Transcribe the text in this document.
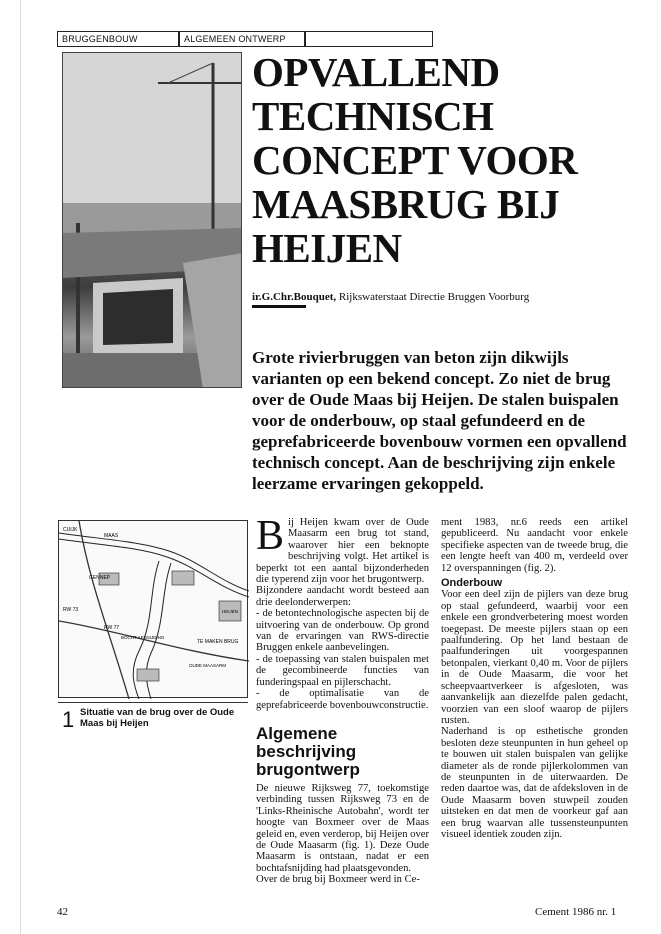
BRUGGENBOUW	ALGEMEEN ONTWERP
OPVALLEND
TECHNISCH
CONCEPT VOOR
MAASBRUG BIJ
HEIJEN
ir.G.Chr.Bouquet, Rijkswaterstaat Directie Bruggen Voorburg
Grote rivierbruggen van beton zijn dikwijls varianten op een bekend concept. Zo niet de brug over de Oude Maas bij Heijen. De stalen buispalen voor de onderbouw, op staal gefundeerd en de geprefabriceerde bovenbouw vormen een opvallend technisch concept. Aan de beschrijving zijn enkele leerzame ervaringen gekoppeld.
CUIJK
MAAS
GENNEP
RW 73
RW 77
BOCHT AFSNIJDING
TE MAKEN BRUG
OUDE MAASARM
HEIJEN
1 Situatie van de brug over de Oude Maas bij Heijen

Bij Heijen kwam over de Oude Maasarm een brug tot stand, waarover hier een beknopte beschrijving volgt. Het artikel is beperkt tot een aantal bijzonderheden die typerend zijn voor het brugontwerp.

Bijzondere aandacht wordt besteed aan drie deelonderwerpen:

- de betontechnologische aspecten bij de uitvoering van de onderbouw. Op grond van de ervaringen van RWS-directie Bruggen enkele aanbevelingen.

- de toepassing van stalen buispalen met de gecombineerde functies van funderingspaal en pijlerschacht.

- de optimalisatie van de geprefabriceerde bovenbouwconstructie.

Algemene beschrijving brugontwerp

De nieuwe Rijksweg 77, toekomstige verbinding tussen Rijksweg 73 en de 'Links-Rheinische Autobahn', wordt ter hoogte van Boxmeer over de Maas geleid en, even verderop, bij Heijen over de Oude Maasarm (fig. 1). Deze Oude Maasarm is ontstaan, nadat er een bochtafsnijding had plaatsgevonden.

Over de brug bij Boxmeer werd in Ce-

ment 1983, nr.6 reeds een artikel gepubliceerd. Nu aandacht voor enkele specifieke aspecten van de tweede brug, die een lengte heeft van 400 m, verdeeld over 12 overspanningen (fig. 2).

Onderbouw

Voor een deel zijn de pijlers van deze brug op staal gefundeerd, waarbij voor een enkele een grondverbetering moest worden toegepast. De meeste pijlers staan op een paalfundering. Op het land bestaan de paalfunderingen uit voorgespannen betonpalen, vierkant 0,40 m. Voor de pijlers in de Oude Maasarm, die voor het scheepvaartverkeer is afgesloten, was aanvankelijk aan diezelfde palen gedacht, voorzien van een sloof waarop de pijlers rusten.

Naderhand is op esthetische gronden besloten deze steunpunten in hun geheel op te bouwen uit stalen buispalen van gelijke diameter als de ronde pijlerkolommen van de steunpunten in de uiterwaarden. De reden daartoe was, dat de afdeksloven in de Oude Maasarm boven stuwpeil zouden uitsteken en dat men de voorkeur gaf aan een brug waarvan alle tussensteunpunten visueel identiek zouden zijn.

42	Cement 1986 nr. 1
